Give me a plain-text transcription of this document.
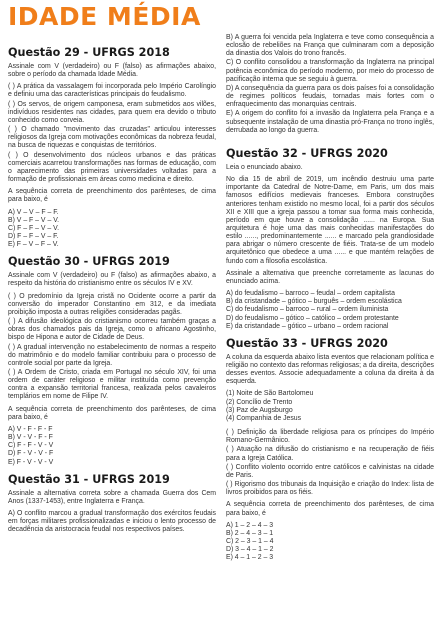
IDADE MÉDIA
Questão 29 - UFRGS 2018
Assinale com V (verdadeiro) ou F (falso) as afirmações abaixo, sobre o período da chamada Idade Média.
( ) A prática da vassalagem foi incorporada pelo Império Carolíngio e definiu uma das características principais do feudalismo.
( ) Os servos, de origem camponesa, eram submetidos aos vilões, indivíduos residentes nas cidades, para quem era devido o tributo conhecido como corveia.
( ) O chamado "movimento das cruzadas" articulou interesses religiosos da Igreja com motivações econômicas da nobreza feudal, na busca de riquezas e conquistas de territórios.
( ) O desenvolvimento dos núcleos urbanos e das práticas comerciais acarretou transformações nas formas de educação, com o aparecimento das primeiras universidades voltadas para a formação de profissionais em áreas como medicina e direito.
A sequência correta de preenchimento dos parênteses, de cima para baixo, é
A) V – V – F – F.
B) V – F – V – V.
C) F – F – V – V.
D) F – F – V – F.
E) F – V – F – V.
Questão 30 - UFRGS 2019
Assinale com V (verdadeiro) ou F (falso) as afirmações abaixo, a respeito da história do cristianismo entre os séculos IV e XV.
( ) O predomínio da Igreja cristã no Ocidente ocorre a partir da conversão do imperador Constantino em 312, e da imediata proibição imposta a outras religiões consideradas pagãs.
( ) A difusão ideológica do cristianismo ocorreu também graças a obras dos chamados pais da Igreja, como o africano Agostinho, bispo de Hipona e autor de Cidade de Deus.
( ) A gradual intervenção no estabelecimento de normas a respeito do matrimônio e do modelo familiar contribuiu para o processo de controle social por parte da Igreja.
( ) A Ordem de Cristo, criada em Portugal no século XIV, foi uma ordem de caráter religioso e militar instituída como prevenção contra a expansão territorial francesa, realizada pelos cavaleiros templários em nome de Filipe IV.
A sequência correta de preenchimento dos parênteses, de cima para baixo, é
A) V - F - F - F
B) V - V - F - F
C) F - F - V - V
D) F - V - V - F
E) F - V - V - V
Questão 31 - UFRGS 2019
Assinale a alternativa correta sobre a chamada Guerra dos Cem Anos (1337-1453), entre Inglaterra e França.
A) O conflito marcou a gradual transformação dos exércitos feudais em forças militares profissionalizadas e iniciou o lento processo de decadência da aristocracia feudal nos respectivos países.
B) A guerra foi vencida pela Inglaterra e teve como consequência a eclosão de rebeliões na França que culminaram com a deposição da dinastia dos Valois do trono francês.
C) O conflito consolidou a transformação da Inglaterra na principal potência econômica do período moderno, por meio do processo de pacificação interna que se seguiu à guerra.
D) A consequência da guerra para os dois países foi a consolidação de regimes políticos feudais, tornadas mais fortes com o enfraquecimento das monarquias centrais.
E) A origem do conflito foi a invasão da Inglaterra pela França e a subsequente instalação de uma dinastia pró-França no trono inglês, derrubada ao longo da guerra.
Questão 32 - UFRGS 2020
Leia o enunciado abaixo.
No dia 15 de abril de 2019, um incêndio destruiu uma parte importante da Catedral de Notre-Dame, em Paris, um dos mais famosos edifícios medievais franceses. Embora construções anteriores tenham existido no mesmo local, foi a partir dos séculos XII e XIII que a igreja passou a tomar sua forma mais conhecida, período em que houve a consolidação ...... na Europa. Sua arquitetura é hoje uma das mais conhecidas manifestações do estilo ......, predominantemente ...... e marcado pela grandiosidade para abrigar o número crescente de fiéis. Trata-se de um modelo arquitetônico que obedece a uma ...... e que mantém relações de fundo com a filosofia escolástica.
Assinale a alternativa que preenche corretamente as lacunas do enunciado acima.
A) do feudalismo – barroco – feudal – ordem capitalista
B) da cristandade – gótico – burguês – ordem escolástica
C) do feudalismo – barroco – rural – ordem iluminista
D) do feudalismo – gótico – católico – ordem protestante
E) da cristandade – gótico – urbano – ordem racional
Questão 33 - UFRGS 2020
A coluna da esquerda abaixo lista eventos que relacionam política e religião no contexto das reformas religiosas; a da direita, descrições desses eventos. Associe adequadamente a coluna da direita à da esquerda.
(1) Noite de São Bartolomeu
(2) Concílio de Trento
(3) Paz de Augsburgo
(4) Companhia de Jesus
( ) Definição da liberdade religiosa para os príncipes do Império Romano-Germânico.
( ) Atuação na difusão do cristianismo e na recuperação de fiéis para a Igreja Católica.
( ) Conflito violento ocorrido entre católicos e calvinistas na cidade de Paris.
( ) Rigorismo dos tribunais da Inquisição e criação do Index: lista de livros proibidos para os fiéis.
A sequência correta de preenchimento dos parênteses, de cima para baixo, é
A) 1 – 2 – 4 – 3
B) 2 – 4 – 3 – 1
C) 2 – 3 – 1 – 4
D) 3 – 4 – 1 – 2
E) 4 – 1 – 2 – 3
